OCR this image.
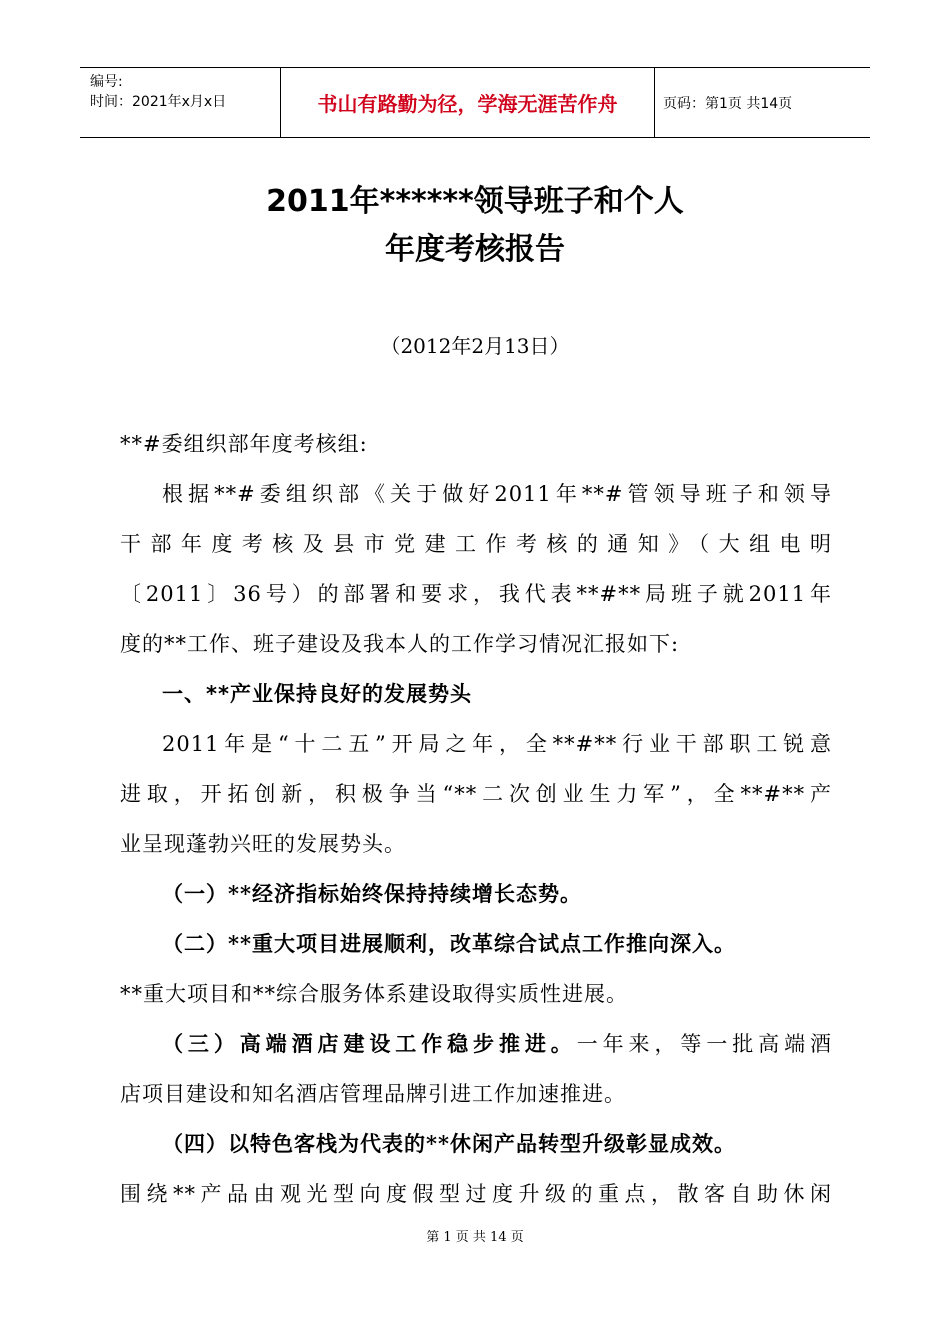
编号:
时间：2021年x月x日	书山有路勤为径，学海无涯苦作舟	页码：第1页 共14页
2011年******领导班子和个人
年度考核报告
（2012年2月13日）

**#委组织部年度考核组:

根据**#委组织部《关于做好2011年**#管领导班子和领导

干部年度考核及县市党建工作考核的通知》（大组电明

〔2011〕36号）的部署和要求，我代表**#**局班子就2011年

度的**工作、班子建设及我本人的工作学习情况汇报如下:

一、**产业保持良好的发展势头

2011年是“十二五”开局之年，全**#**行业干部职工锐意

进取，开拓创新，积极争当“**二次创业生力军”，全**#**产

业呈现蓬勃兴旺的发展势头。

（一）**经济指标始终保持持续增长态势。

（二）**重大项目进展顺利，改革综合试点工作推向深入。

**重大项目和**综合服务体系建设取得实质性进展。

（三）高端酒店建设工作稳步推进。一年来，等一批高端酒

店项目建设和知名酒店管理品牌引进工作加速推进。

（四）以特色客栈为代表的**休闲产品转型升级彰显成效。

围绕**产品由观光型向度假型过度升级的重点，散客自助休闲

第 1 页 共 14 页
